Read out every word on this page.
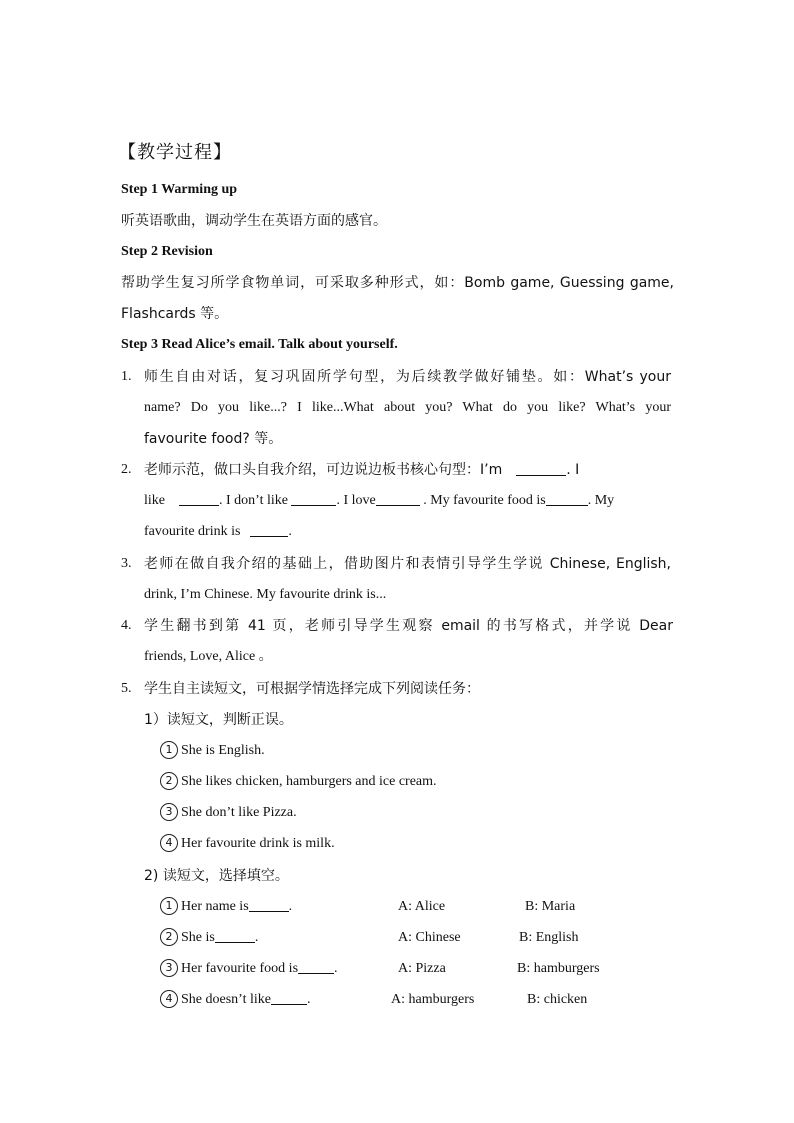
【教学过程】
Step 1 Warming up
听英语歌曲，调动学生在英语方面的感官。
Step 2 Revision
帮助学生复习所学食物单词，可采取多种形式，如：Bomb game, Guessing game,
Flashcards 等。
Step 3 Read Alice’s email. Talk about yourself.
1. 师生自由对话，复习巩固所学句型，为后续教学做好铺垫。如：What’s your
name? Do you like...? I like...What about you? What do you like? What’s your
favourite food? 等。
2. 老师示范，做口头自我介绍，可边说边板书核心句型：I’m	. I
like	. I don’t like	. I love	. My favourite food is	. My
favourite drink is	.
3. 老师在做自我介绍的基础上，借助图片和表情引导学生学说 Chinese, English,
drink, I’m Chinese. My favourite drink is...
4. 学生翻书到第 41 页，老师引导学生观察 email 的书写格式，并学说 Dear
friends, Love, Alice 。
5. 学生自主读短文，可根据学情选择完成下列阅读任务：
1）读短文，判断正误。
1 She is English.
2 She likes chicken, hamburgers and ice cream.
3 She don’t like Pizza.
4 Her favourite drink is milk.
2) 读短文，选择填空。
1 Her name is	.	A: Alice	B: Maria
2 She is	.	A: Chinese	B: English
3 Her favourite food is	.	A: Pizza	B: hamburgers
4 She doesn’t like	.	A: hamburgers	B: chicken
